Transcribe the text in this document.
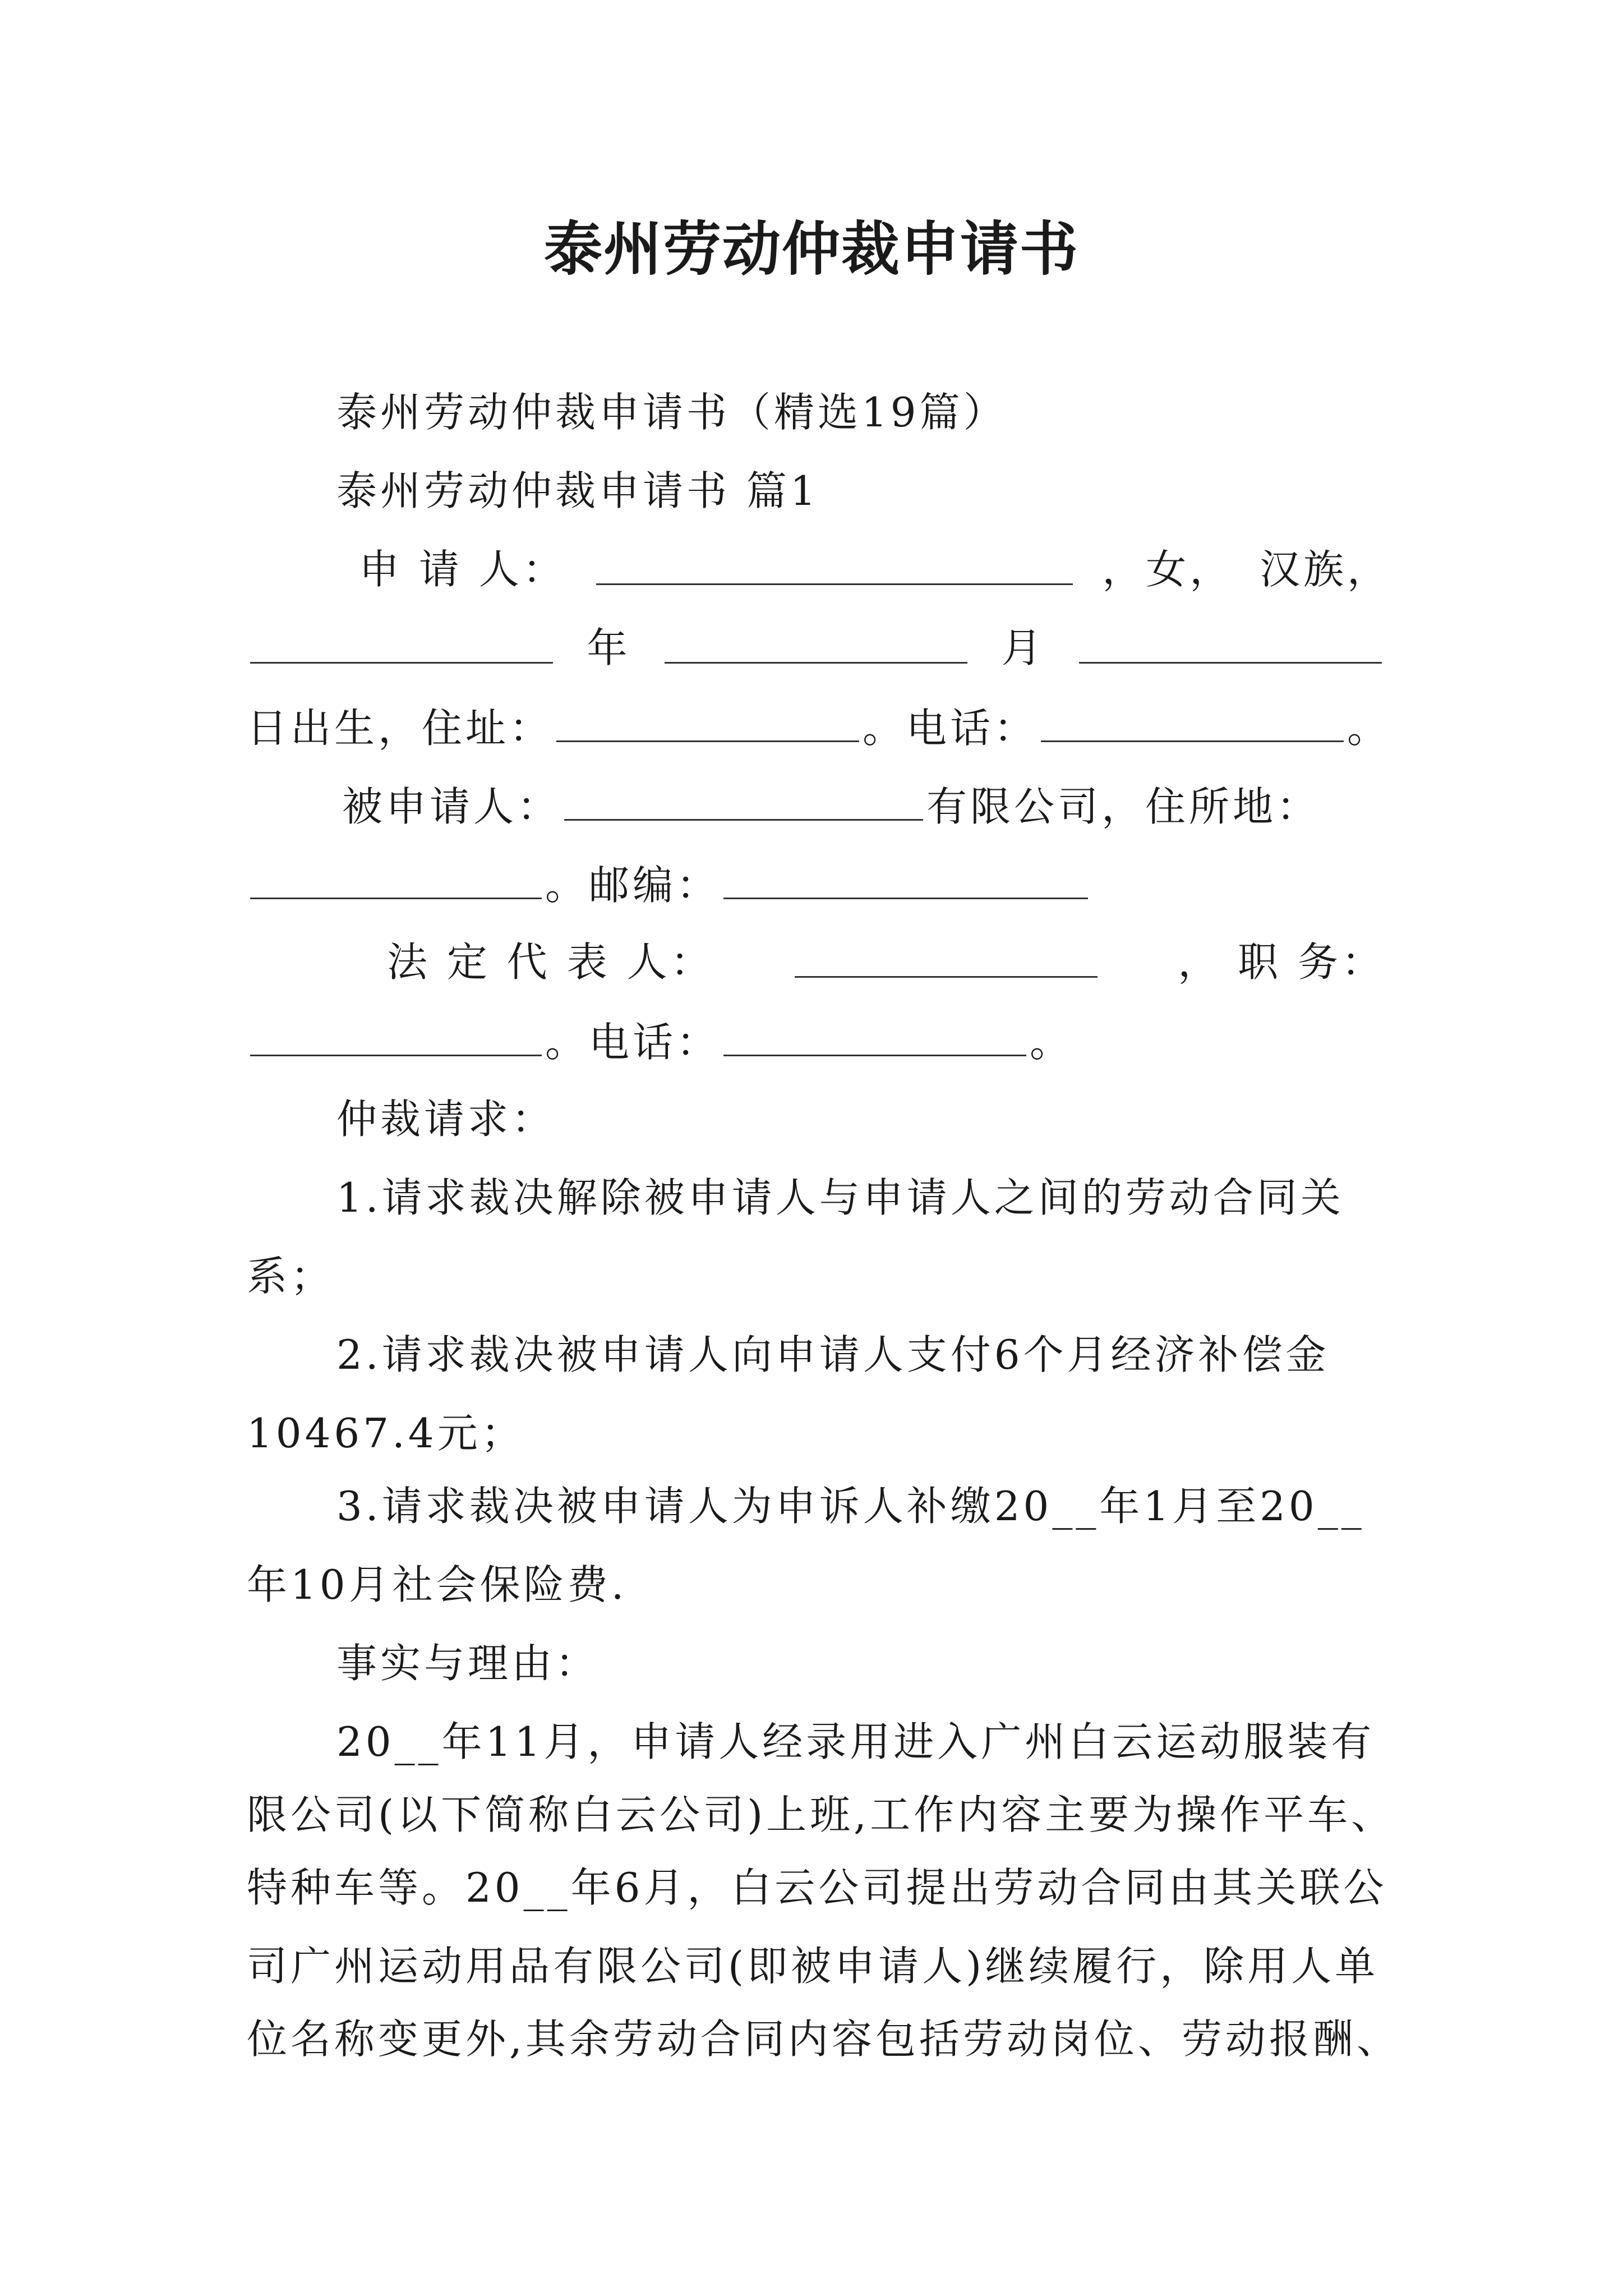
泰州劳动仲裁申请书
泰州劳动仲裁申请书（精选19篇）
泰州劳动仲裁申请书 篇1
申 请 人：	，女， 汉族，
年	月
日出生，住址：	。电话：	。
被申请人：	有限公司，住所地：
。邮编：
法 定 代 表 人：	， 职 务：
。电话：	。
仲裁请求：
1.请求裁决解除被申请人与申请人之间的劳动合同关
系；
2.请求裁决被申请人向申请人支付6个月经济补偿金
10467.4元；
3.请求裁决被申请人为申诉人补缴20__年1月至20__
年10月社会保险费.
事实与理由：
20__年11月，申请人经录用进入广州白云运动服装有
限公司(以下简称白云公司)上班,工作内容主要为操作平车、
特种车等。20__年6月，白云公司提出劳动合同由其关联公
司广州运动用品有限公司(即被申请人)继续履行，除用人单
位名称变更外,其余劳动合同内容包括劳动岗位、劳动报酬、
